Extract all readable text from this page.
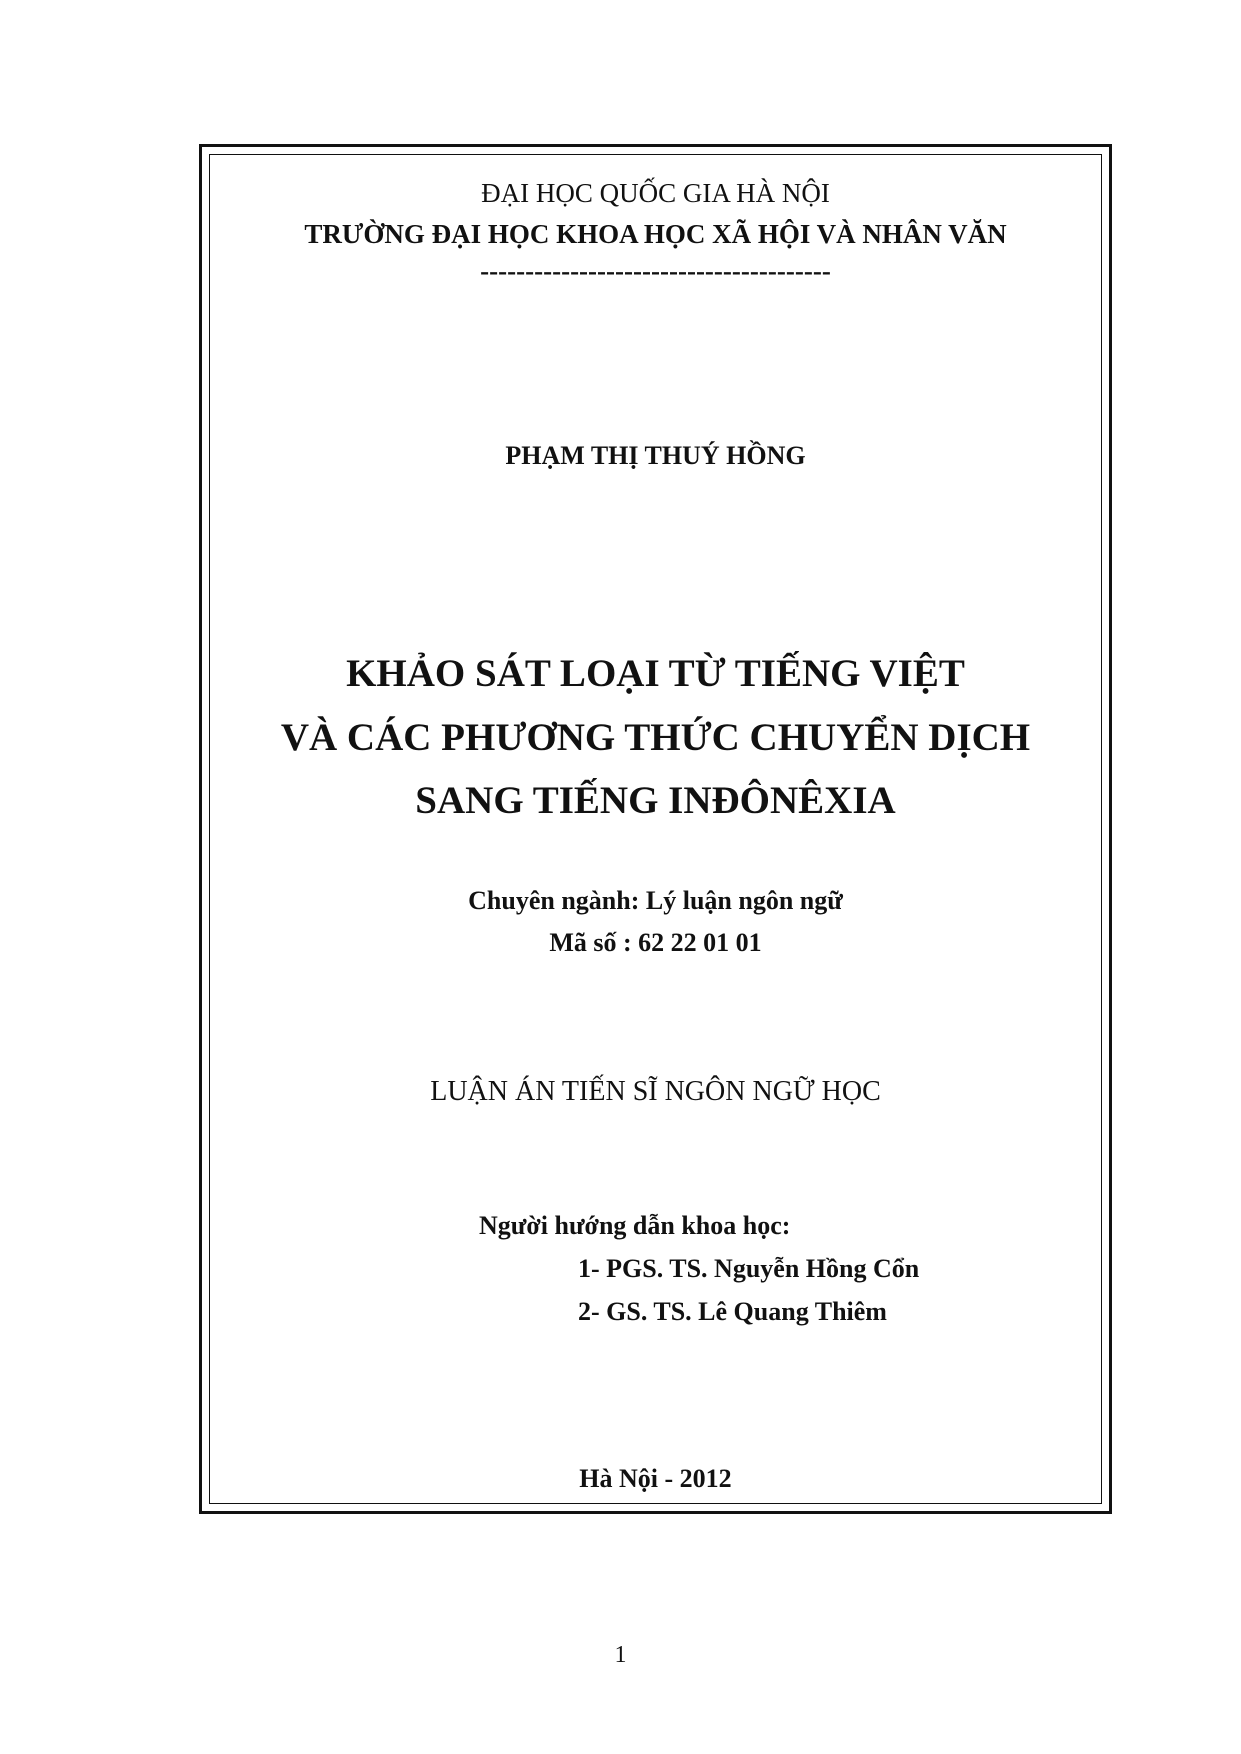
ĐẠI HỌC QUỐC GIA HÀ NỘI
TRƯỜNG ĐẠI HỌC KHOA HỌC XÃ HỘI VÀ NHÂN VĂN
---------------------------------------
PHẠM THỊ THUÝ HỒNG
KHẢO SÁT LOẠI TỪ TIẾNG VIỆT
VÀ CÁC PHƯƠNG THỨC CHUYỂN DỊCH
SANG TIẾNG INĐÔNÊXIA
Chuyên ngành: Lý luận ngôn ngữ
Mã số : 62 22 01 01
LUẬN ÁN TIẾN SĨ NGÔN NGỮ HỌC
Người hướng dẫn khoa học:
1- PGS. TS. Nguyễn Hồng Cổn
2- GS. TS. Lê Quang Thiêm
Hà Nội - 2012
1
